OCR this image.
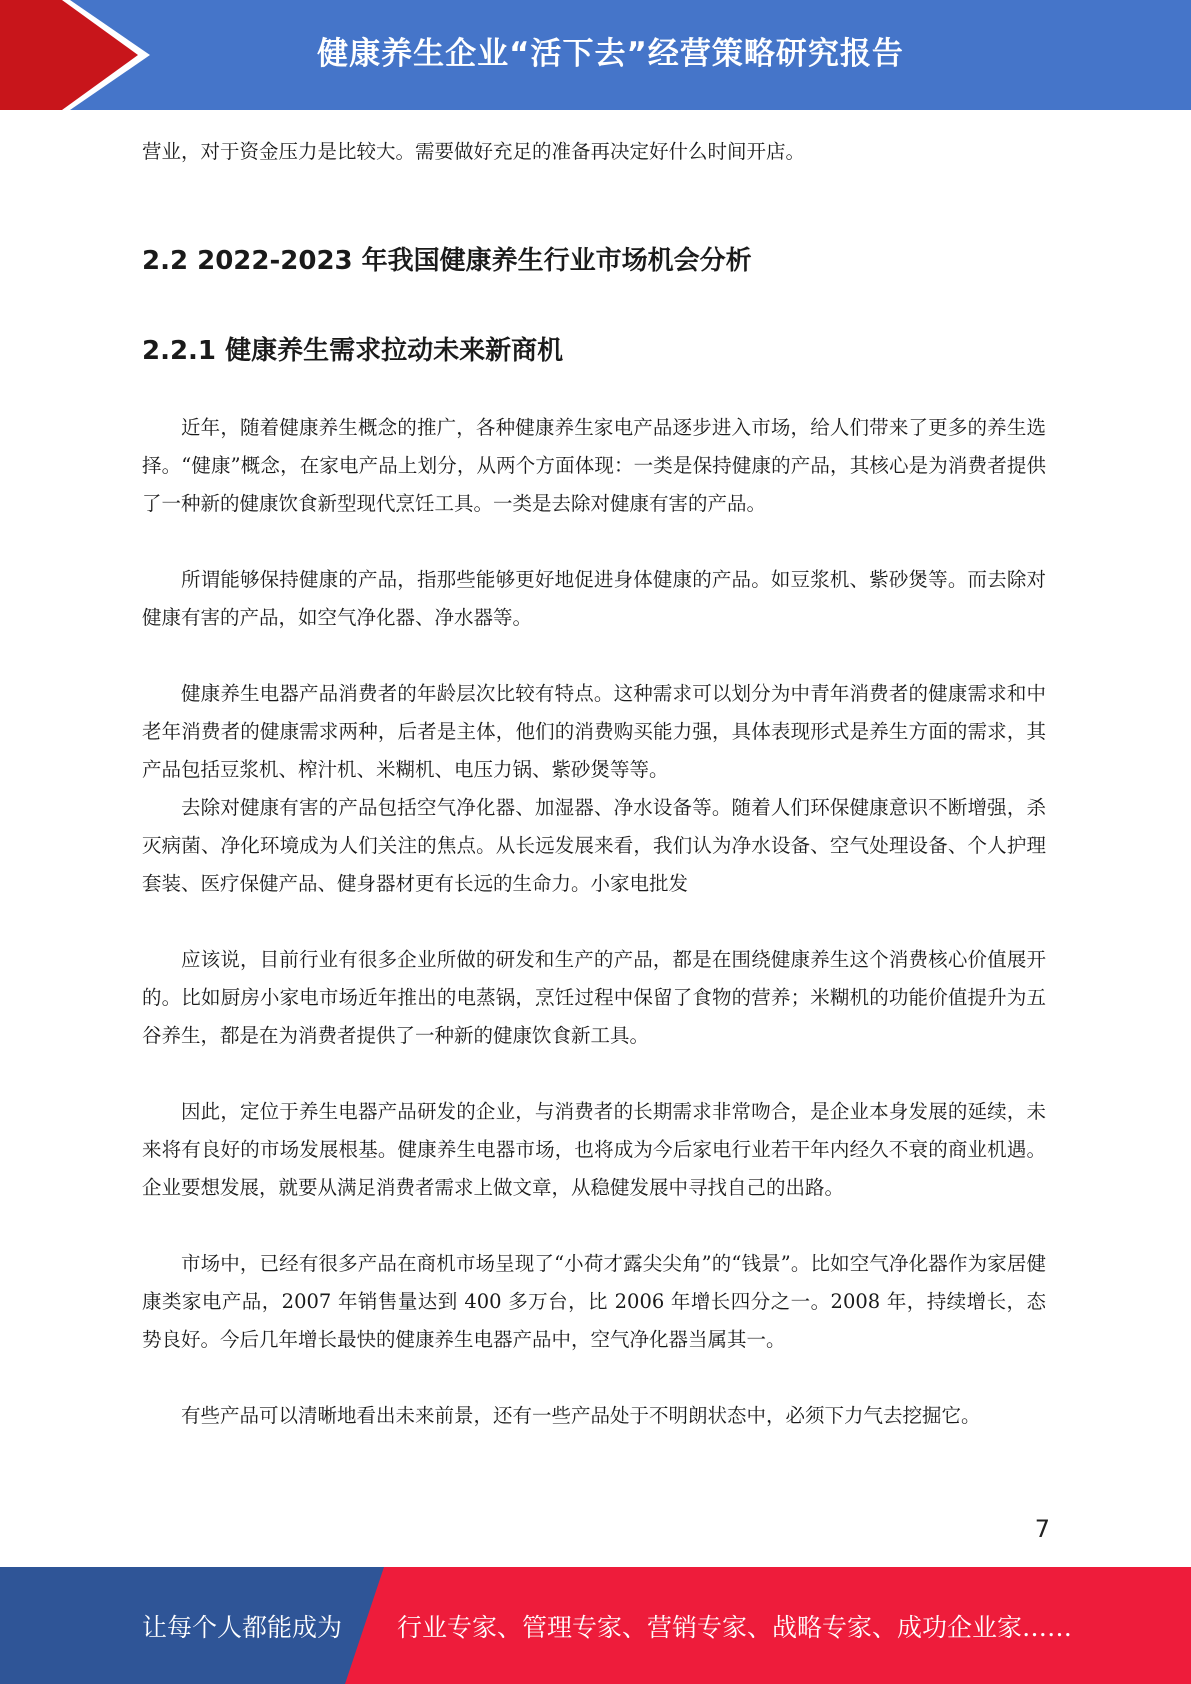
健康养生企业“活下去”经营策略研究报告

营业，对于资金压力是比较大。需要做好充足的准备再决定好什么时间开店。

2.2 2022-2023 年我国健康养生行业市场机会分析
2.2.1 健康养生需求拉动未来新商机

近年，随着健康养生概念的推广，各种健康养生家电产品逐步进入市场，给人们带来了更多的养生选择。“健康”概念，在家电产品上划分，从两个方面体现：一类是保持健康的产品，其核心是为消费者提供了一种新的健康饮食新型现代烹饪工具。一类是去除对健康有害的产品。

所谓能够保持健康的产品，指那些能够更好地促进身体健康的产品。如豆浆机、紫砂煲等。而去除对健康有害的产品，如空气净化器、净水器等。

健康养生电器产品消费者的年龄层次比较有特点。这种需求可以划分为中青年消费者的健康需求和中老年消费者的健康需求两种，后者是主体，他们的消费购买能力强，具体表现形式是养生方面的需求，其产品包括豆浆机、榨汁机、米糊机、电压力锅、紫砂煲等等。

去除对健康有害的产品包括空气净化器、加湿器、净水设备等。随着人们环保健康意识不断增强，杀灭病菌、净化环境成为人们关注的焦点。从长远发展来看，我们认为净水设备、空气处理设备、个人护理套装、医疗保健产品、健身器材更有长远的生命力。小家电批发

应该说，目前行业有很多企业所做的研发和生产的产品，都是在围绕健康养生这个消费核心价值展开的。比如厨房小家电市场近年推出的电蒸锅，烹饪过程中保留了食物的营养；米糊机的功能价值提升为五谷养生，都是在为消费者提供了一种新的健康饮食新工具。

因此，定位于养生电器产品研发的企业，与消费者的长期需求非常吻合，是企业本身发展的延续，未来将有良好的市场发展根基。健康养生电器市场，也将成为今后家电行业若干年内经久不衰的商业机遇。企业要想发展，就要从满足消费者需求上做文章，从稳健发展中寻找自己的出路。

市场中，已经有很多产品在商机市场呈现了“小荷才露尖尖角”的“钱景”。比如空气净化器作为家居健康类家电产品，2007 年销售量达到 400 多万台，比 2006 年增长四分之一。2008 年，持续增长，态势良好。今后几年增长最快的健康养生电器产品中，空气净化器当属其一。

有些产品可以清晰地看出未来前景，还有一些产品处于不明朗状态中，必须下力气去挖掘它。

7
让每个人都能成为 行业专家、管理专家、营销专家、战略专家、成功企业家……
